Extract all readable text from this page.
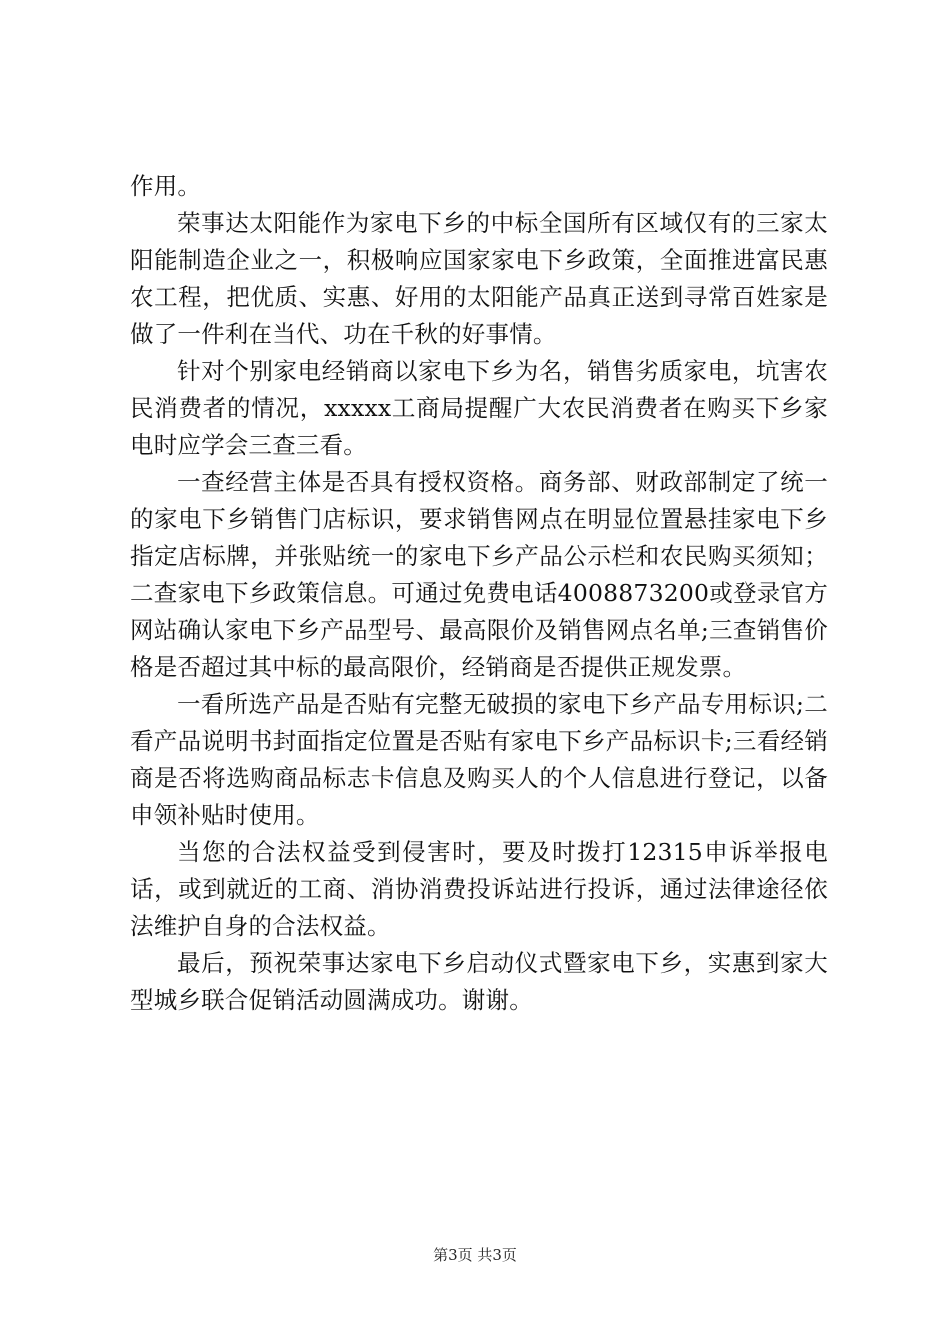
作用。

荣事达太阳能作为家电下乡的中标全国所有区域仅有的三家太阳能制造企业之一，积极响应国家家电下乡政策，全面推进富民惠农工程，把优质、实惠、好用的太阳能产品真正送到寻常百姓家是做了一件利在当代、功在千秋的好事情。

针对个别家电经销商以家电下乡为名，销售劣质家电，坑害农民消费者的情况，xxxxx工商局提醒广大农民消费者在购买下乡家电时应学会三查三看。

一查经营主体是否具有授权资格。商务部、财政部制定了统一的家电下乡销售门店标识，要求销售网点在明显位置悬挂家电下乡指定店标牌，并张贴统一的家电下乡产品公示栏和农民购买须知；二查家电下乡政策信息。可通过免费电话4008873200或登录官方网站确认家电下乡产品型号、最高限价及销售网点名单;三查销售价格是否超过其中标的最高限价，经销商是否提供正规发票。

一看所选产品是否贴有完整无破损的家电下乡产品专用标识;二看产品说明书封面指定位置是否贴有家电下乡产品标识卡;三看经销商是否将选购商品标志卡信息及购买人的个人信息进行登记，以备申领补贴时使用。

当您的合法权益受到侵害时，要及时拨打12315申诉举报电话，或到就近的工商、消协消费投诉站进行投诉，通过法律途径依法维护自身的合法权益。

最后，预祝荣事达家电下乡启动仪式暨家电下乡，实惠到家大型城乡联合促销活动圆满成功。谢谢。

第3页 共3页
